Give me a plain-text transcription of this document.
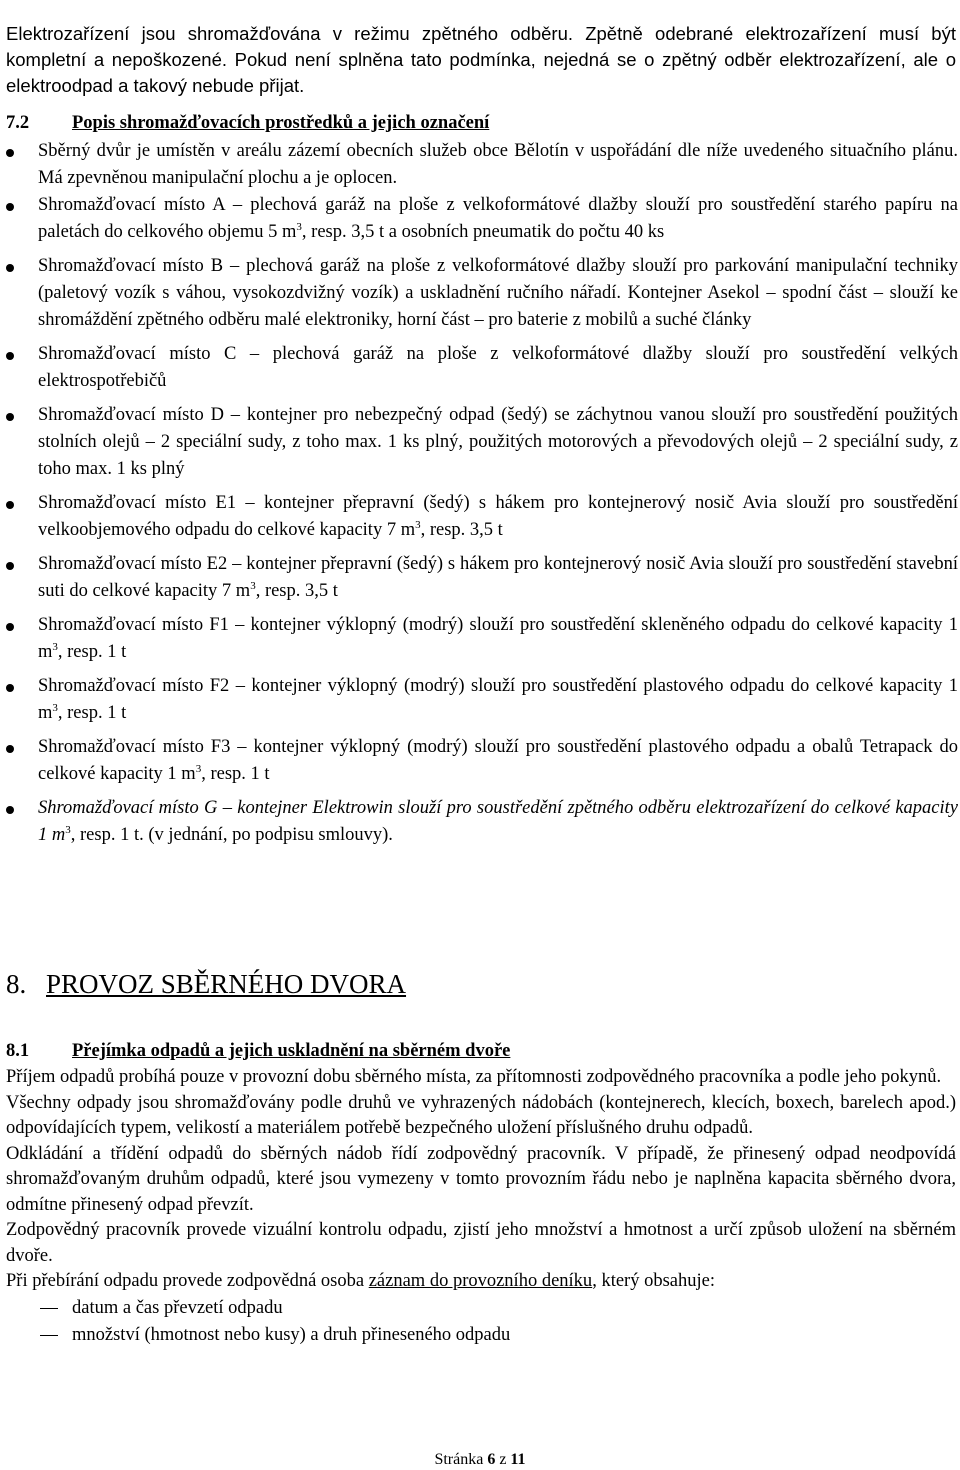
Elektrozařízení jsou shromažďována v režimu zpětného odběru. Zpětně odebrané elektrozařízení musí být kompletní a nepoškozené. Pokud není splněna tato podmínka, nejedná se o zpětný odběr elektrozařízení, ale o elektroodpad a takový nebude přijat.

7.2 Popis shromažďovacích prostředků a jejich označení
Sběrný dvůr je umístěn v areálu zázemí obecních služeb obce Bělotín v uspořádání dle níže uvedeného situačního plánu. Má zpevněnou manipulační plochu a je oplocen.
Shromažďovací místo A – plechová garáž na ploše z velkoformátové dlažby slouží pro soustředění starého papíru na paletách do celkového objemu 5 $m^3$, resp. 3,5 t a osobních pneumatik do počtu 40 ks
Shromažďovací místo B – plechová garáž na ploše z velkoformátové dlažby slouží pro parkování manipulační techniky (paletový vozík s váhou, vysokozdvižný vozík) a uskladnění ručního nářadí. Kontejner Asekol – spodní část – slouží ke shromáždění zpětného odběru malé elektroniky, horní část – pro baterie z mobilů a suché články
Shromažďovací místo C – plechová garáž na ploše z velkoformátové dlažby slouží pro soustředění velkých elektrospotřebičů
Shromažďovací místo D – kontejner pro nebezpečný odpad (šedý) se záchytnou vanou slouží pro soustředění použitých stolních olejů – 2 speciální sudy, z toho max. 1 ks plný, použitých motorových a převodových olejů – 2 speciální sudy, z toho max. 1 ks plný
Shromažďovací místo E1 – kontejner přepravní (šedý) s hákem pro kontejnerový nosič Avia slouží pro soustředění velkoobjemového odpadu do celkové kapacity 7 $m^3$, resp. 3,5 t
Shromažďovací místo E2 – kontejner přepravní (šedý) s hákem pro kontejnerový nosič Avia slouží pro soustředění stavební suti do celkové kapacity 7 $m^3$, resp. 3,5 t
Shromažďovací místo F1 – kontejner výklopný (modrý) slouží pro soustředění skleněného odpadu do celkové kapacity 1 $m^3$, resp. 1 t
Shromažďovací místo F2 – kontejner výklopný (modrý) slouží pro soustředění plastového odpadu do celkové kapacity 1 $m^3$, resp. 1 t
Shromažďovací místo F3 – kontejner výklopný (modrý) slouží pro soustředění plastového odpadu a obalů Tetrapack do celkové kapacity 1 $m^3$, resp. 1 t
Shromažďovací místo G – kontejner Elektrowin slouží pro soustředění zpětného odběru elektrozařízení do celkové kapacity 1 $m^3$, resp. 1 t. (v jednání, po podpisu smlouvy).
8. PROVOZ SBĚRNÉHO DVORA
8.1 Přejímka odpadů a jejich uskladnění na sběrném dvoře

Příjem odpadů probíhá pouze v provozní dobu sběrného místa, za přítomnosti zodpovědného pracovníka a podle jeho pokynů.

Všechny odpady jsou shromažďovány podle druhů ve vyhrazených nádobách (kontejnerech, klecích, boxech, barelech apod.) odpovídajících typem, velikostí a materiálem potřebě bezpečného uložení příslušného druhu odpadů.

Odkládání a třídění odpadů do sběrných nádob řídí zodpovědný pracovník. V případě, že přinesený odpad neodpovídá shromažďovaným druhům odpadů, které jsou vymezeny v tomto provozním řádu nebo je naplněna kapacita sběrného dvora, odmítne přinesený odpad převzít.

Zodpovědný pracovník provede vizuální kontrolu odpadu, zjistí jeho množství a hmotnost a určí způsob uložení na sběrném dvoře.

Při přebírání odpadu provede zodpovědná osoba záznam do provozního deníku, který obsahuje:

datum a čas převzetí odpadu
množství (hmotnost nebo kusy) a druh přineseného odpadu
Stránka 6 z 11
